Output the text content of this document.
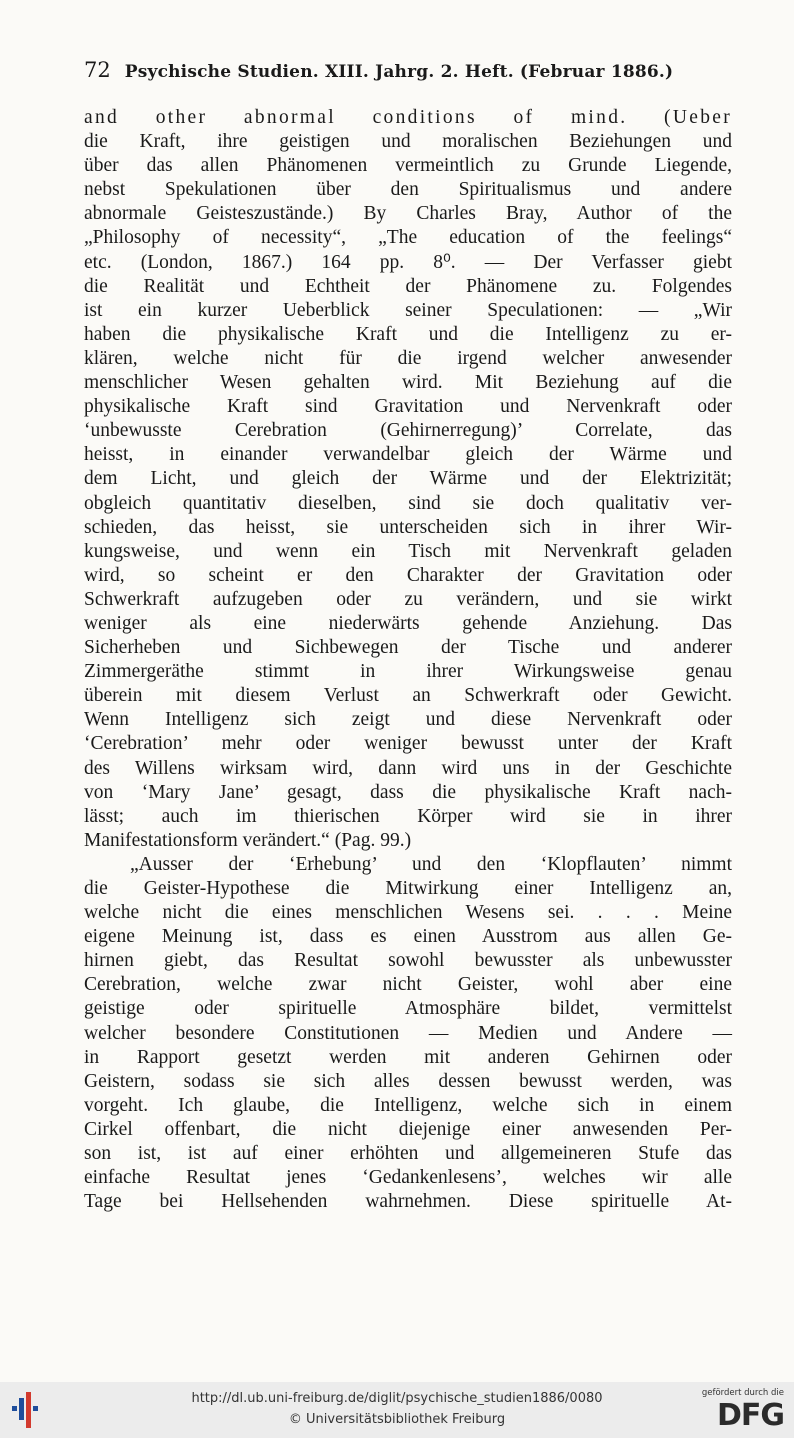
72 Psychische Studien. XIII. Jahrg. 2. Heft. (Februar 1886.)
and other abnormal conditions of mind. (Ueber
die Kraft, ihre geistigen und moralischen Beziehungen und
über das allen Phänomenen vermeintlich zu Grunde Liegende,
nebst Spekulationen über den Spiritualismus und andere
abnormale Geisteszustände.) By Charles Bray, Author of the
„Philosophy of necessity“, „The education of the feelings“
etc. (London, 1867.) 164 pp. 8⁰. — Der Verfasser giebt
die Realität und Echtheit der Phänomene zu. Folgendes
ist ein kurzer Ueberblick seiner Speculationen: — „Wir
haben die physikalische Kraft und die Intelligenz zu er-
klären, welche nicht für die irgend welcher anwesender
menschlicher Wesen gehalten wird. Mit Beziehung auf die
physikalische Kraft sind Gravitation und Nervenkraft oder
‘unbewusste Cerebration (Gehirnerregung)’ Correlate, das
heisst, in einander verwandelbar gleich der Wärme und
dem Licht, und gleich der Wärme und der Elektrizität;
obgleich quantitativ dieselben, sind sie doch qualitativ ver-
schieden, das heisst, sie unterscheiden sich in ihrer Wir-
kungsweise, und wenn ein Tisch mit Nervenkraft geladen
wird, so scheint er den Charakter der Gravitation oder
Schwerkraft aufzugeben oder zu verändern, und sie wirkt
weniger als eine niederwärts gehende Anziehung. Das
Sicherheben und Sichbewegen der Tische und anderer
Zimmergeräthe stimmt in ihrer Wirkungsweise genau
überein mit diesem Verlust an Schwerkraft oder Gewicht.
Wenn Intelligenz sich zeigt und diese Nervenkraft oder
‘Cerebration’ mehr oder weniger bewusst unter der Kraft
des Willens wirksam wird, dann wird uns in der Geschichte
von ‘Mary Jane’ gesagt, dass die physikalische Kraft nach-
lässt; auch im thierischen Körper wird sie in ihrer
Manifestationsform verändert.“ (Pag. 99.)
„Ausser der ‘Erhebung’ und den ‘Klopflauten’ nimmt
die Geister-Hypothese die Mitwirkung einer Intelligenz an,
welche nicht die eines menschlichen Wesens sei. . . . Meine
eigene Meinung ist, dass es einen Ausstrom aus allen Ge-
hirnen giebt, das Resultat sowohl bewusster als unbewusster
Cerebration, welche zwar nicht Geister, wohl aber eine
geistige oder spirituelle Atmosphäre bildet, vermittelst
welcher besondere Constitutionen — Medien und Andere —
in Rapport gesetzt werden mit anderen Gehirnen oder
Geistern, sodass sie sich alles dessen bewusst werden, was
vorgeht. Ich glaube, die Intelligenz, welche sich in einem
Cirkel offenbart, die nicht diejenige einer anwesenden Per-
son ist, ist auf einer erhöhten und allgemeineren Stufe das
einfache Resultat jenes ‘Gedankenlesens’, welches wir alle
Tage bei Hellsehenden wahrnehmen. Diese spirituelle At-
http://dl.ub.uni-freiburg.de/diglit/psychische_studien1886/0080
© Universitätsbibliothek Freiburg
gefördert durch die
DFG
